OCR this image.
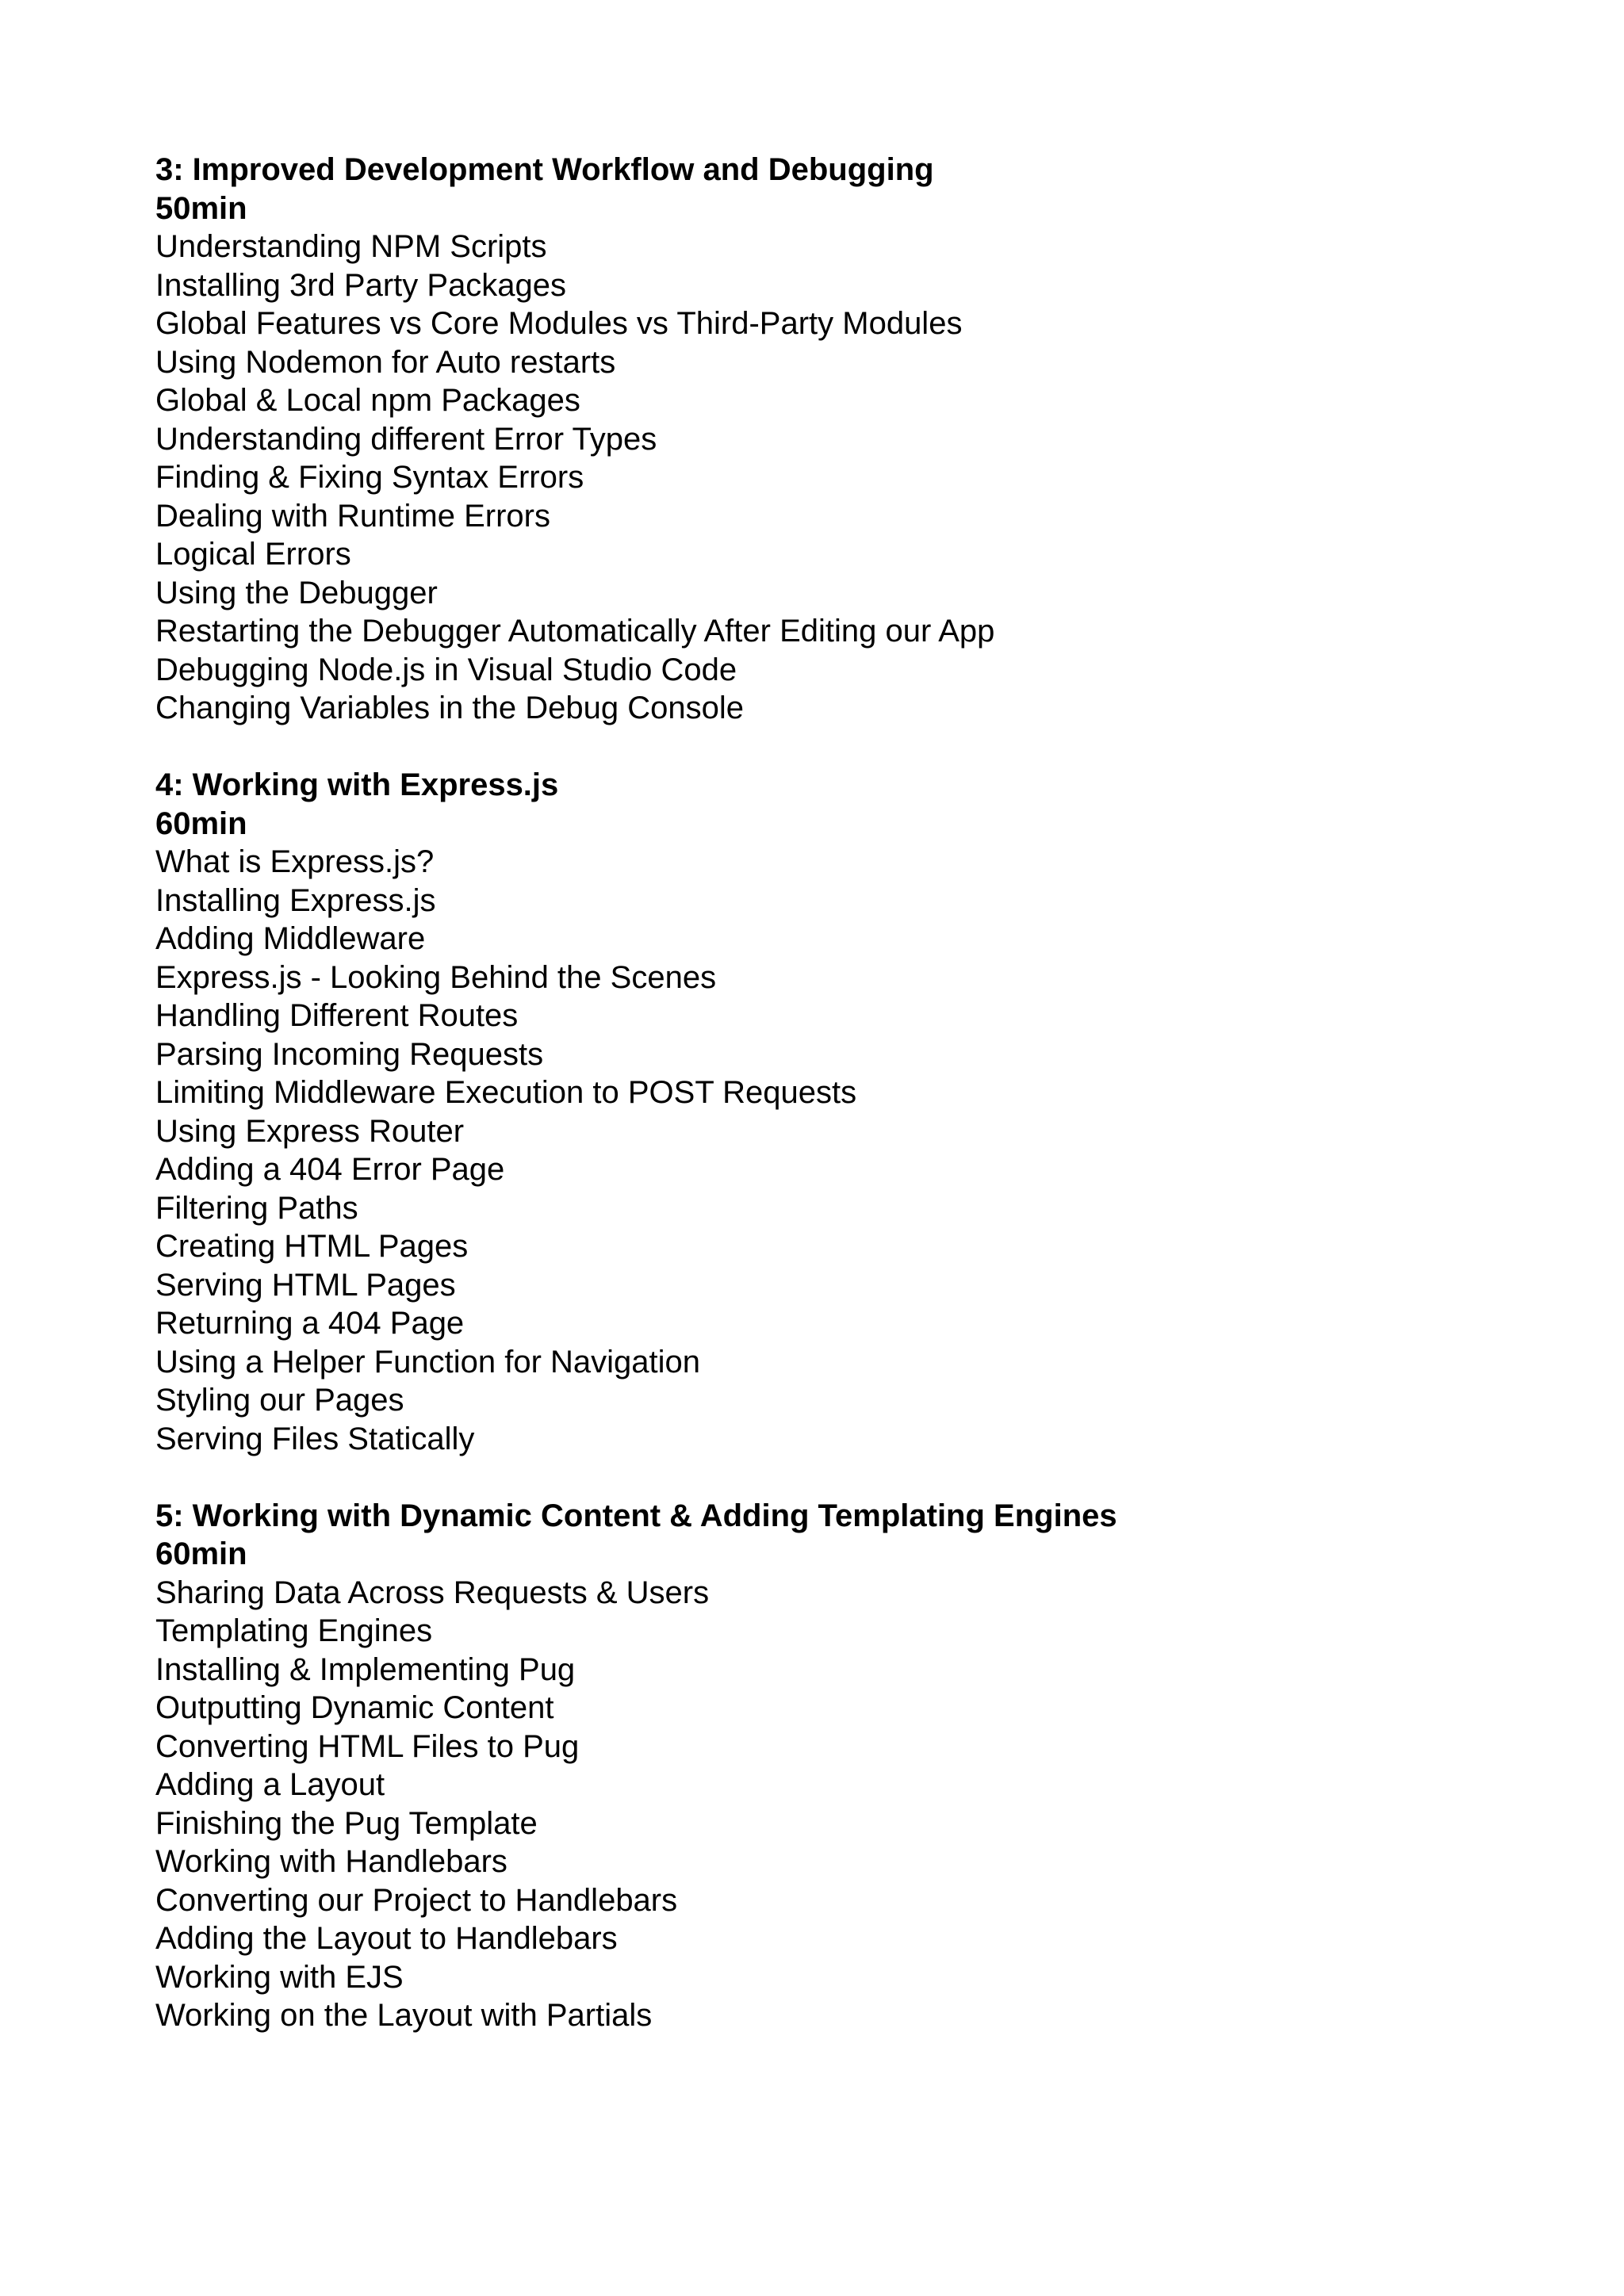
3: Improved Development Workflow and Debugging
50min
Understanding NPM Scripts
Installing 3rd Party Packages
Global Features vs Core Modules vs Third-Party Modules
Using Nodemon for Auto restarts
Global & Local npm Packages
Understanding different Error Types
Finding & Fixing Syntax Errors
Dealing with Runtime Errors
Logical Errors
Using the Debugger
Restarting the Debugger Automatically After Editing our App
Debugging Node.js in Visual Studio Code
Changing Variables in the Debug Console
4: Working with Express.js
60min
What is Express.js?
Installing Express.js
Adding Middleware
Express.js - Looking Behind the Scenes
Handling Different Routes
Parsing Incoming Requests
Limiting Middleware Execution to POST Requests
Using Express Router
Adding a 404 Error Page
Filtering Paths
Creating HTML Pages
Serving HTML Pages
Returning a 404 Page
Using a Helper Function for Navigation
Styling our Pages
Serving Files Statically
5: Working with Dynamic Content & Adding Templating Engines
60min
Sharing Data Across Requests & Users
Templating Engines
Installing & Implementing Pug
Outputting Dynamic Content
Converting HTML Files to Pug
Adding a Layout
Finishing the Pug Template
Working with Handlebars
Converting our Project to Handlebars
Adding the Layout to Handlebars
Working with EJS
Working on the Layout with Partials
